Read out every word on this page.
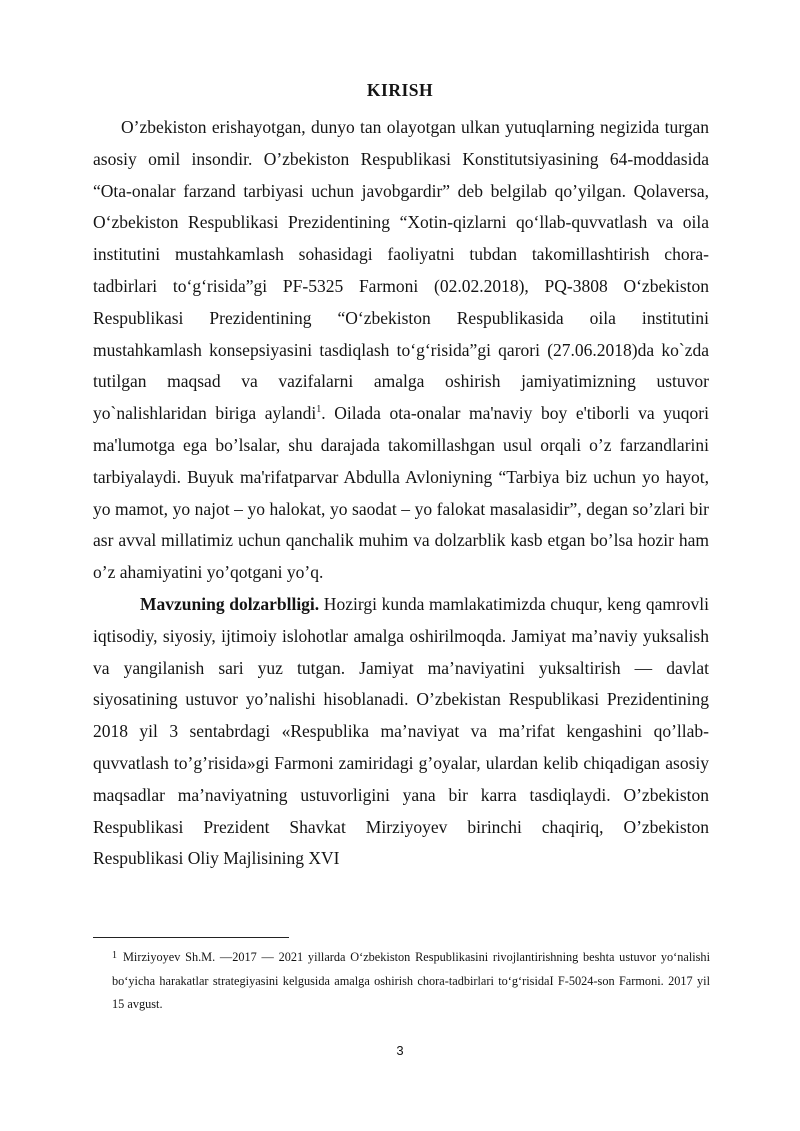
KIRISH

O’zbekiston erishayotgan, dunyo tan olayotgan ulkan yutuqlarning negizida turgan asosiy omil insondir. O’zbekiston Respublikasi Konstitutsiyasining 64-moddasida “Ota-onalar farzand tarbiyasi uchun javobgardir” deb belgilab qo’yilgan. Qolaversa, O‘zbekiston Respublikasi Prezidentining “Xotin-qizlarni qo‘llab-quvvatlash va oila institutini mustahkamlash sohasidagi faoliyatni tubdan takomillashtirish chora-tadbirlari to‘g‘risida”gi PF-5325 Farmoni (02.02.2018), PQ-3808 O‘zbekiston Respublikasi Prezidentining “O‘zbekiston Respublikasida oila institutini mustahkamlash konsepsiyasini tasdiqlash to‘g‘risida”gi qarori (27.06.2018)da ko`zda tutilgan maqsad va vazifalarni amalga oshirish jamiyatimizning ustuvor yo`nalishlaridan biriga aylandi$^1$. Oilada ota-onalar ma'naviy boy e'tiborli va yuqori ma'lumotga ega bo’lsalar, shu darajada takomillashgan usul orqali o’z farzandlarini tarbiyalaydi. Buyuk ma'rifatparvar Abdulla Avloniyning “Tarbiya biz uchun yo hayot, yo mamot, yo najot – yo halokat, yo saodat – yo falokat masalasidir”, degan so’zlari bir asr avval millatimiz uchun qanchalik muhim va dolzarblik kasb etgan bo’lsa hozir ham o’z ahamiyatini yo’qotgani yo’q.

Mavzuning dolzarblligi. Hozirgi kunda mamlakatimizda chuqur, keng qamrovli iqtisodiy, siyosiy, ijtimoiy islohotlar amalga oshirilmoqda. Jamiyat ma’naviy yuksalish va yangilanish sari yuz tutgan. Jamiyat ma’naviyatini yuksaltirish — davlat siyosatining ustuvor yo’nalishi hisoblanadi. O’zbekistan Respublikasi Prezidentining 2018 yil 3 sentabrdagi «Respublika ma’naviyat va ma’rifat kengashini qo’llab-quvvatlash to’g’risida»gi Farmoni zamiridagi g’oyalar, ulardan kelib chiqadigan asosiy maqsadlar ma’naviyatning ustuvorligini yana bir karra tasdiqlaydi. O’zbekiston Respublikasi Prezident Shavkat Mirziyoyev birinchi chaqiriq, O’zbekiston Respublikasi Oliy Majlisining XVI

$^1$ Mirziyoyev Sh.M. ―2017 — 2021 yillarda O‘zbekiston Respublikasini rivojlantirishning beshta ustuvor yo‘nalishi bo‘yicha harakatlar strategiyasini kelgusida amalga oshirish chora-tadbirlari to‘g‘risidaI F-5024-son Farmoni. 2017 yil 15 avgust.

3
